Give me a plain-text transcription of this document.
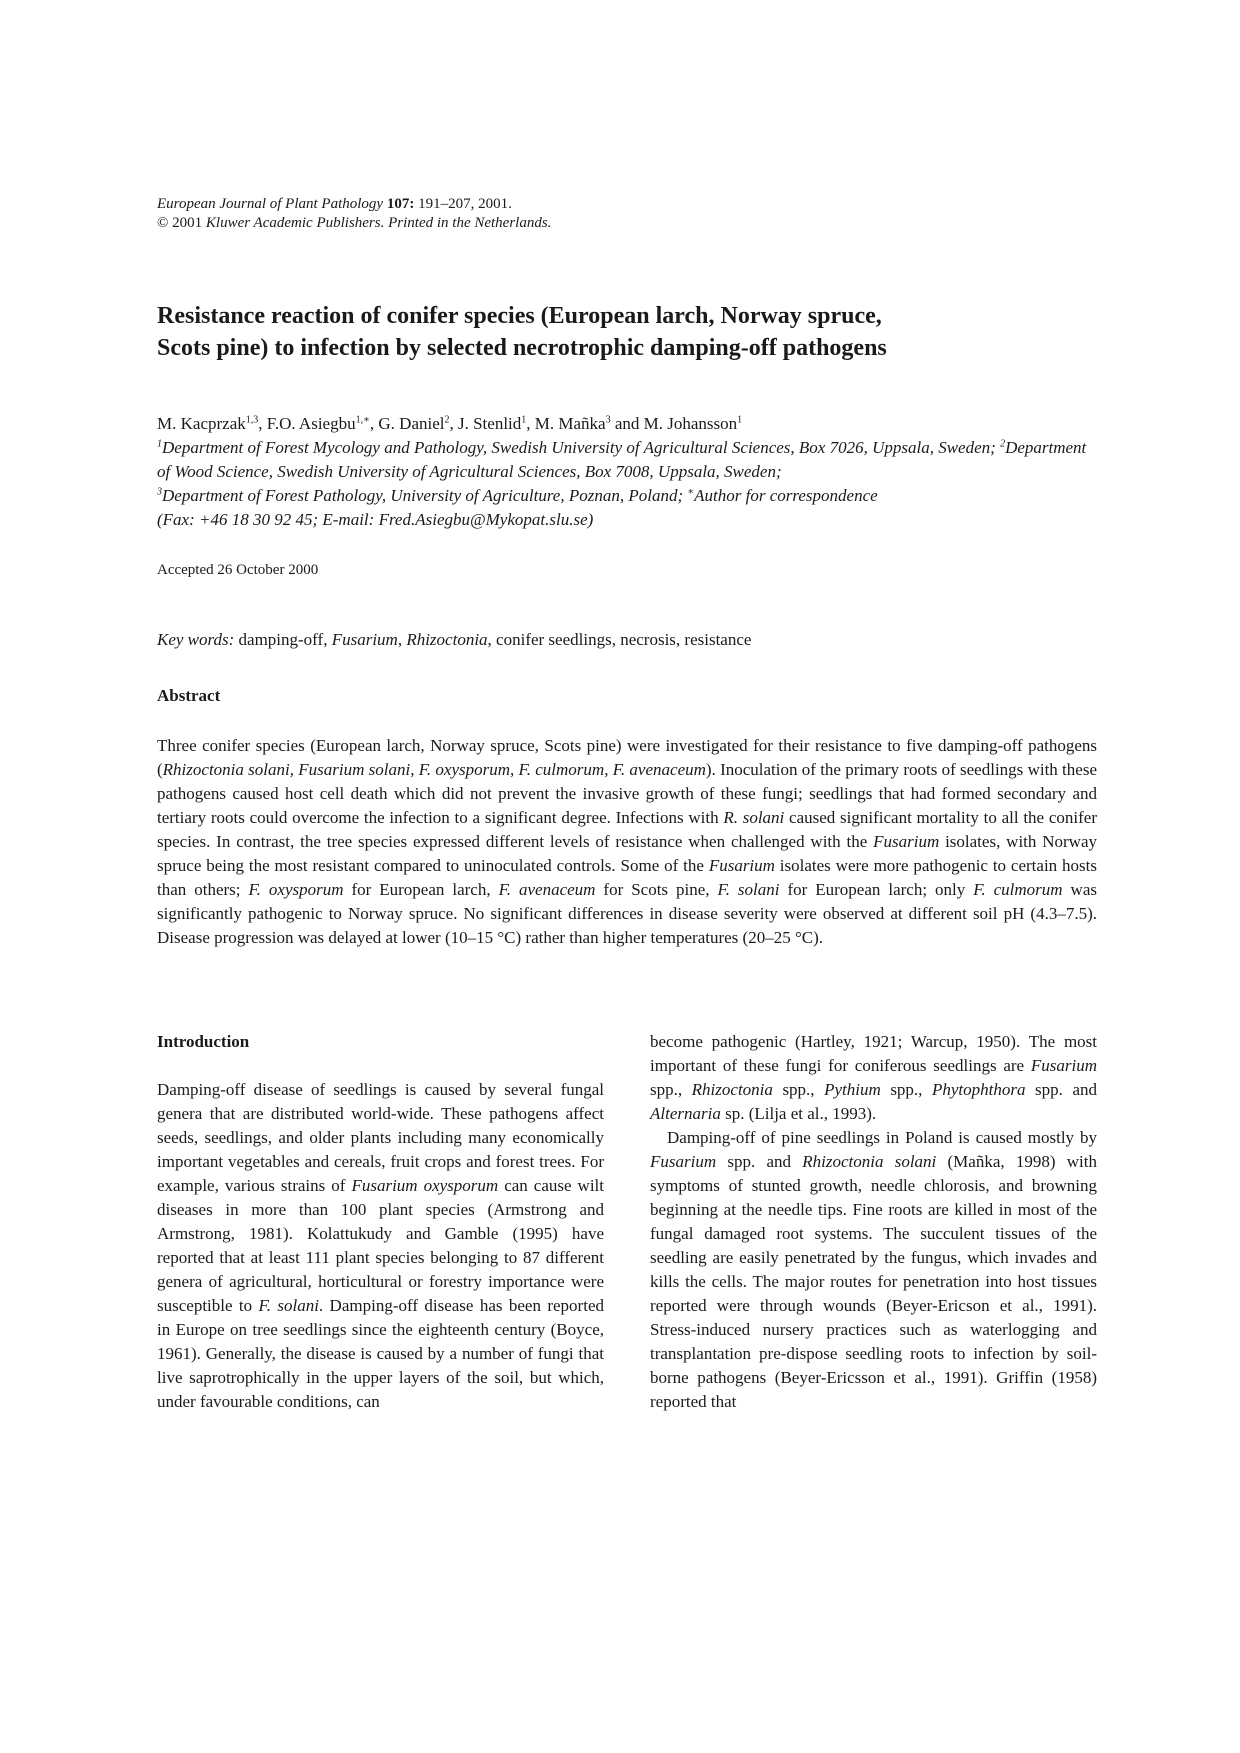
European Journal of Plant Pathology 107: 191–207, 2001.
© 2001 Kluwer Academic Publishers. Printed in the Netherlands.
Resistance reaction of conifer species (European larch, Norway spruce,
Scots pine) to infection by selected necrotrophic damping-off pathogens
M. Kacprzak$^{1,3}$, F.O. Asiegbu$^{1,∗}$, G. Daniel$^2$, J. Stenlid$^1$, M. Mañka$^3$ and M. Johansson$^1$
$^1$Department of Forest Mycology and Pathology, Swedish University of Agricultural Sciences, Box 7026, Uppsala, Sweden; $^2$Department of Wood Science, Swedish University of Agricultural Sciences, Box 7008, Uppsala, Sweden;
$^3$Department of Forest Pathology, University of Agriculture, Poznan, Poland; ∗Author for correspondence
(Fax: +46 18 30 92 45; E-mail: Fred.Asiegbu@Mykopat.slu.se)
Accepted 26 October 2000
Key words: damping-off, Fusarium, Rhizoctonia, conifer seedlings, necrosis, resistance
Abstract
Three conifer species (European larch, Norway spruce, Scots pine) were investigated for their resistance to five damping-off pathogens (Rhizoctonia solani, Fusarium solani, F. oxysporum, F. culmorum, F. avenaceum). Inoculation of the primary roots of seedlings with these pathogens caused host cell death which did not prevent the invasive growth of these fungi; seedlings that had formed secondary and tertiary roots could overcome the infection to a significant degree. Infections with R. solani caused significant mortality to all the conifer species. In contrast, the tree species expressed different levels of resistance when challenged with the Fusarium isolates, with Norway spruce being the most resistant compared to uninoculated controls. Some of the Fusarium isolates were more pathogenic to certain hosts than others; F. oxysporum for European larch, F. avenaceum for Scots pine, F. solani for European larch; only F. culmorum was significantly pathogenic to Norway spruce. No significant differences in disease severity were observed at different soil pH (4.3–7.5). Disease progression was delayed at lower (10–15 °C) rather than higher temperatures (20–25 °C).
Introduction

Damping-off disease of seedlings is caused by several fungal genera that are distributed world-wide. These pathogens affect seeds, seedlings, and older plants including many economically important vegetables and cereals, fruit crops and forest trees. For example, various strains of Fusarium oxysporum can cause wilt diseases in more than 100 plant species (Armstrong and Armstrong, 1981). Kolattukudy and Gamble (1995) have reported that at least 111 plant species belonging to 87 different genera of agricultural, horticultural or forestry importance were susceptible to F. solani. Damping-off disease has been reported in Europe on tree seedlings since the eighteenth century (Boyce, 1961). Generally, the disease is caused by a number of fungi that live saprotrophically in the upper layers of the soil, but which, under favourable conditions, can

become pathogenic (Hartley, 1921; Warcup, 1950). The most important of these fungi for coniferous seedlings are Fusarium spp., Rhizoctonia spp., Pythium spp., Phytophthora spp. and Alternaria sp. (Lilja et al., 1993).

Damping-off of pine seedlings in Poland is caused mostly by Fusarium spp. and Rhizoctonia solani (Mañka, 1998) with symptoms of stunted growth, needle chlorosis, and browning beginning at the needle tips. Fine roots are killed in most of the fungal damaged root systems. The succulent tissues of the seedling are easily penetrated by the fungus, which invades and kills the cells. The major routes for penetration into host tissues reported were through wounds (Beyer-Ericson et al., 1991). Stress-induced nursery practices such as waterlogging and transplantation pre-dispose seedling roots to infection by soil-borne pathogens (Beyer-Ericsson et al., 1991). Griffin (1958) reported that
